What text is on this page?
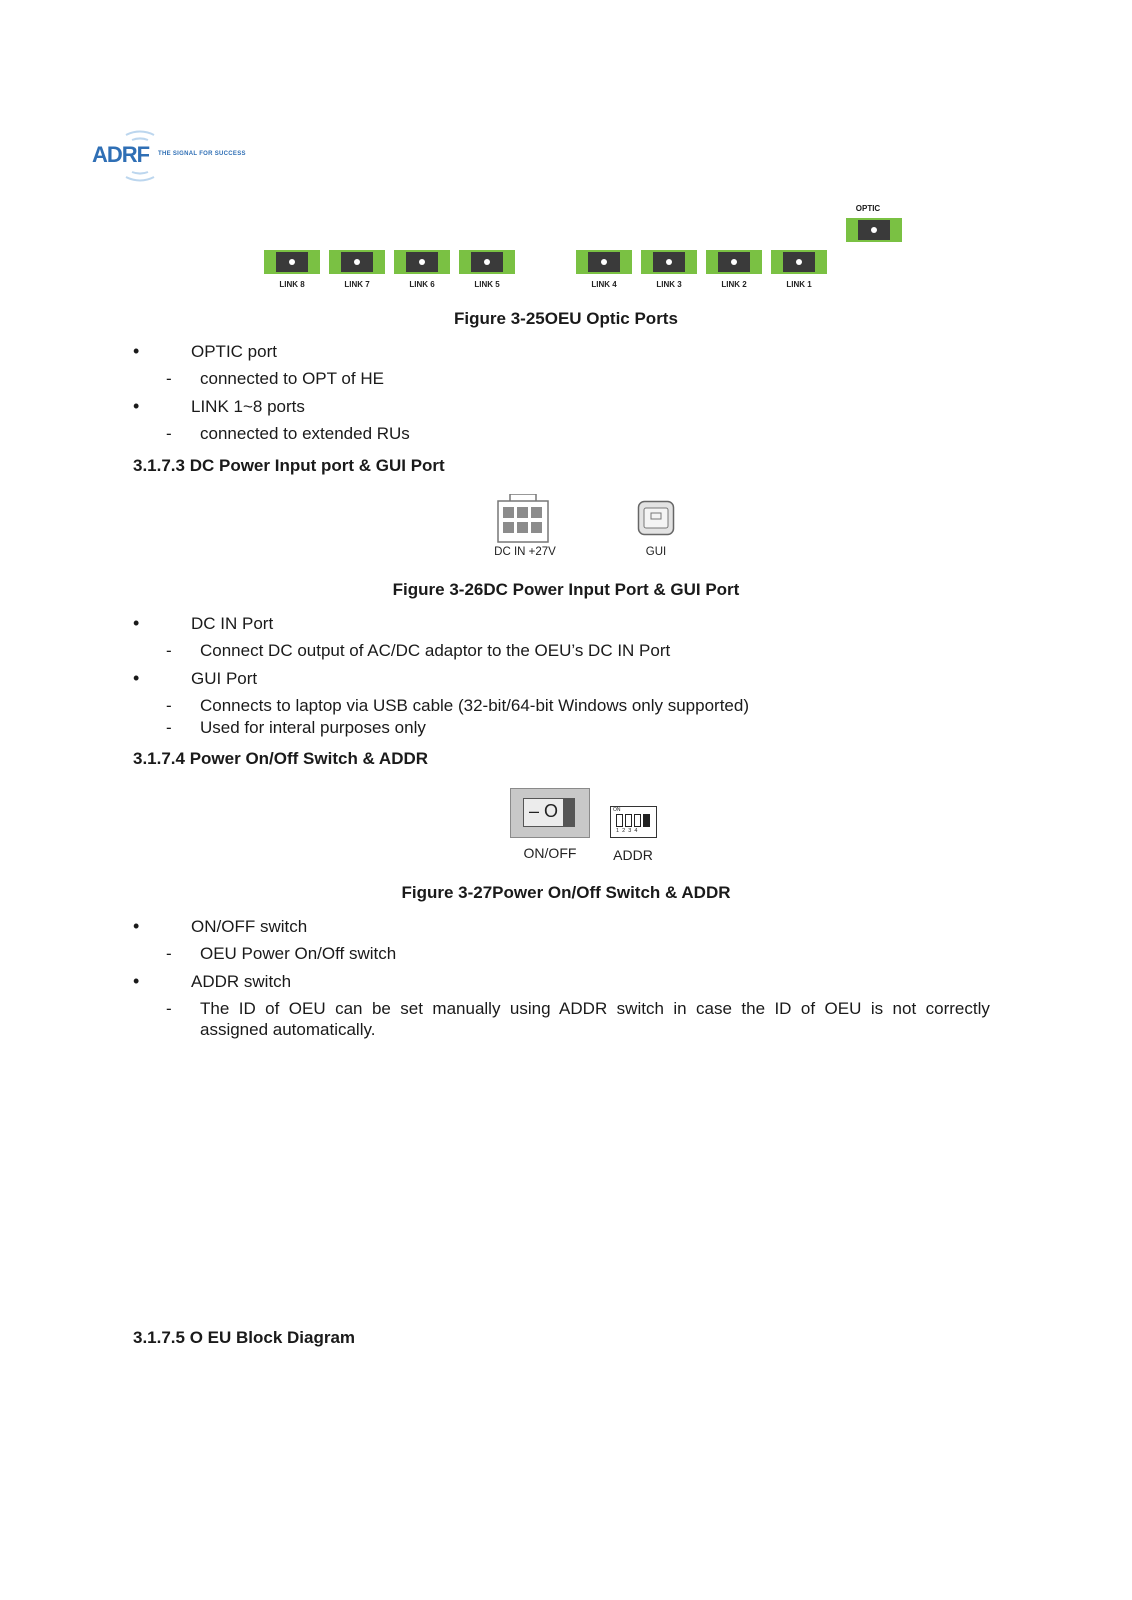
ADRF THE SIGNAL FOR SUCCESS
OPTIC
LINK 8	LINK 7	LINK 6	LINK 5	LINK 4	LINK 3	LINK 2	LINK 1
Figure 3-25OEU Optic Ports
•	OPTIC port
- connected to OPT of HE
•	LINK 1~8 ports
- connected to extended RUs
3.1.7.3 DC Power Input port & GUI Port
DC IN +27V	GUI
Figure 3-26DC Power Input Port & GUI Port
•	DC IN Port
- Connect DC output of AC/DC adaptor to the OEU’s DC IN Port
•	GUI Port
- Connects to laptop via USB cable (32-bit/64-bit Windows only supported)
- Used for interal purposes only
3.1.7.4 Power On/Off Switch & ADDR
– O	ON
1  2  3  4
ON/OFF	ADDR
Figure 3-27Power On/Off Switch & ADDR
•	ON/OFF switch
- OEU Power On/Off switch
•	ADDR switch
- The  ID  of  OEU  can  be  set  manually  using  ADDR  switch  in  case  the  ID  of  OEU  is  not  correctly
assigned automatically.
3.1.7.5 O EU Block Diagram
